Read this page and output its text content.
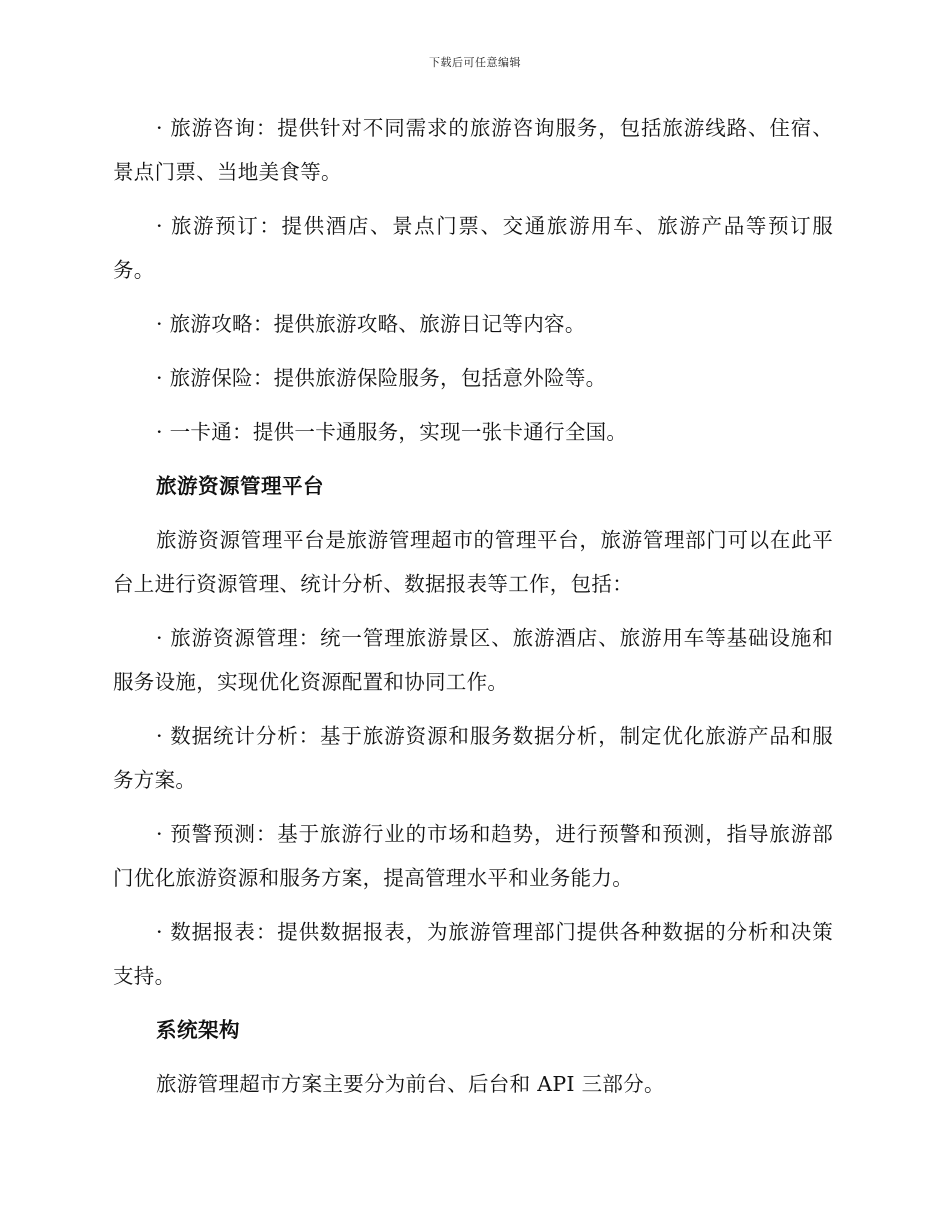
下载后可任意编辑

· 旅游咨询：提供针对不同需求的旅游咨询服务，包括旅游线路、住宿、景点门票、当地美食等。

· 旅游预订：提供酒店、景点门票、交通旅游用车、旅游产品等预订服务。

· 旅游攻略：提供旅游攻略、旅游日记等内容。

· 旅游保险：提供旅游保险服务，包括意外险等。

· 一卡通：提供一卡通服务，实现一张卡通行全国。

旅游资源管理平台

旅游资源管理平台是旅游管理超市的管理平台，旅游管理部门可以在此平台上进行资源管理、统计分析、数据报表等工作，包括：

· 旅游资源管理：统一管理旅游景区、旅游酒店、旅游用车等基础设施和服务设施，实现优化资源配置和协同工作。

· 数据统计分析：基于旅游资源和服务数据分析，制定优化旅游产品和服务方案。

· 预警预测：基于旅游行业的市场和趋势，进行预警和预测，指导旅游部门优化旅游资源和服务方案，提高管理水平和业务能力。

· 数据报表：提供数据报表，为旅游管理部门提供各种数据的分析和决策支持。

系统架构

旅游管理超市方案主要分为前台、后台和 API 三部分。
